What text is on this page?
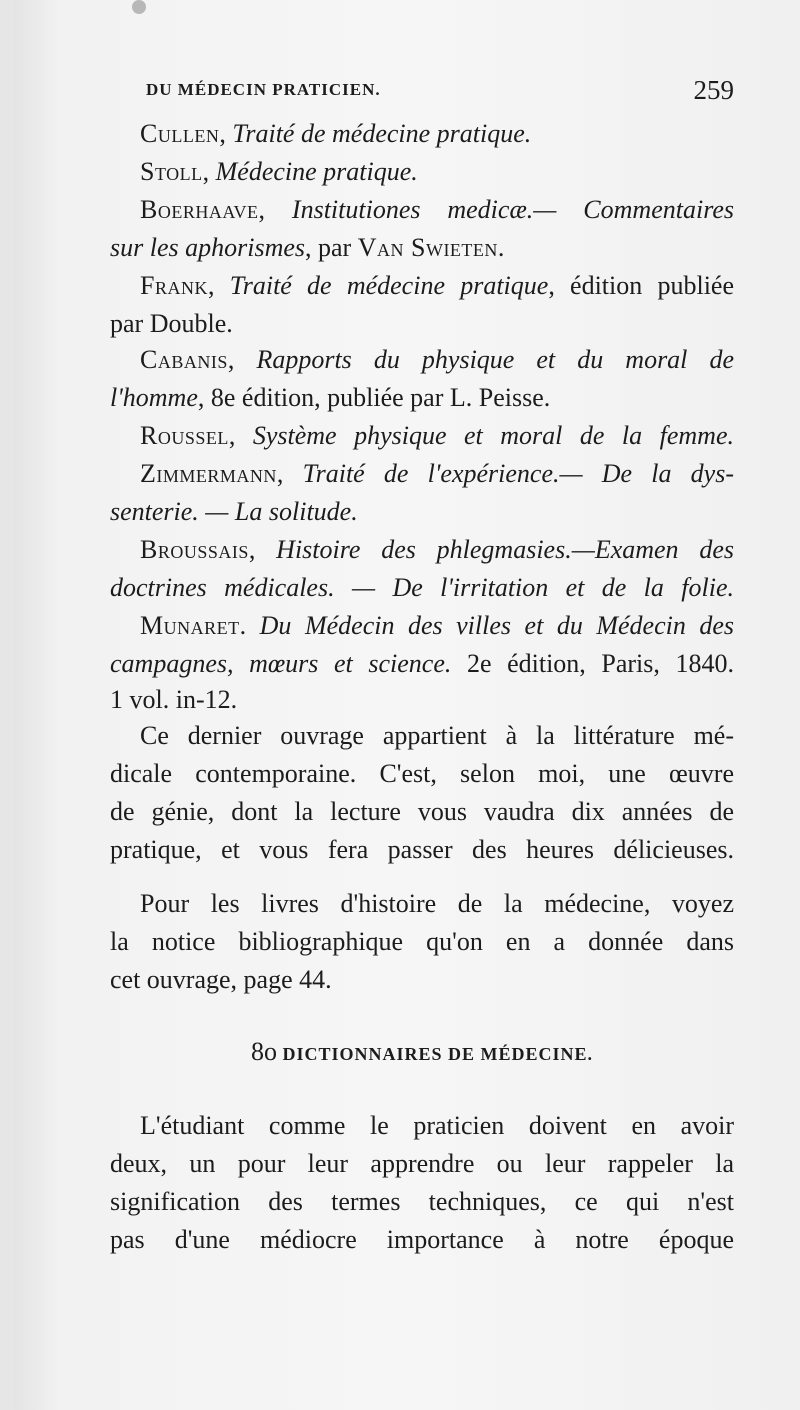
DU MÉDECIN PRATICIEN.	259
Cullen, Traité de médecine pratique.
Stoll, Médecine pratique.
Boerhaave, Institutiones medicæ.— Commentaires
sur les aphorismes, par Van Swieten.
Frank, Traité de médecine pratique, édition publiée
par Double.
Cabanis, Rapports du physique et du moral de
l'homme, 8e édition, publiée par L. Peisse.
Roussel, Système physique et moral de la femme.
Zimmermann, Traité de l'expérience.— De la dys-
senterie. — La solitude.
Broussais, Histoire des phlegmasies.—Examen des
doctrines médicales. — De l'irritation et de la folie.
Munaret. Du Médecin des villes et du Médecin des
campagnes, mœurs et science. 2e édition, Paris, 1840.
1 vol. in-12.
Ce dernier ouvrage appartient à la littérature mé-
dicale contemporaine. C'est, selon moi, une œuvre
de génie, dont la lecture vous vaudra dix années de
pratique, et vous fera passer des heures délicieuses.
Pour les livres d'histoire de la médecine, voyez
la notice bibliographique qu'on en a donnée dans
cet ouvrage, page 44.
8o DICTIONNAIRES DE MÉDECINE.
L'étudiant comme le praticien doivent en avoir
deux, un pour leur apprendre ou leur rappeler la
signification des termes techniques, ce qui n'est
pas d'une médiocre importance à notre époque
